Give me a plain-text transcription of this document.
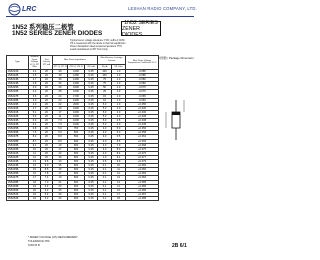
LRC	LESHAN RADIO COMPANY, LTD.
1N52 系列稳压二极管
1N52 SERIES ZENER DIODES
1N52 SERIES
ZENER DIODES
Typical zener voltage tolerance ± 5%; suffix A ±10%
VZ is measured with the diode in thermal equilibrium
Power dissipation rated at lead temperature 75°C
Leads maintained at 3/8" from body
外形图 / Package Dimension
Type	Nominal Zener Voltage VZ @ IZT Volts	Test Current IZT mA	Max Zener Impedance			Max Reverse Leakage Current		Max Zener Voltage Temperature Coefficient %/°C
			ZZT @ IZT Ω	ZZK @ IZK Ω	IZK mA	IR μA	VR Volts	
1N5221B	2.4	20	30	1200	0.25	100	1.0	-0.085
1N5222B	2.5	20	30	1250	0.25	100	1.0	-0.085
1N5223B	2.7	20	30	1300	0.25	75	1.0	-0.080
1N5224B	2.8	20	30	1400	0.25	75	1.0	-0.080
1N5225B	3.0	20	29	1600	0.25	50	1.0	-0.075
1N5226B	3.3	20	28	1600	0.25	25	1.0	-0.070
1N5227B	3.6	20	24	1700	0.25	15	1.0	-0.065
1N5228B	3.9	20	23	1900	0.25	10	1.0	-0.060
1N5229B	4.3	20	22	2000	0.25	5.0	1.0	+0.055
1N5230B	4.7	20	19	1900	0.25	5.0	2.0	+0.030
1N5231B	5.1	20	17	1600	0.25	5.0	2.0	+0.030
1N5232B	5.6	20	11	1600	0.25	5.0	3.0	+0.038
1N5233B	6.0	20	7.0	1600	0.25	5.0	3.5	+0.038
1N5234B	6.2	20	7.0	1000	0.25	5.0	4.0	+0.045
1N5235B	6.8	20	5.0	750	0.25	3.0	5.0	+0.050
1N5236B	7.5	20	6.0	500	0.25	3.0	6.0	+0.058
1N5237B	8.2	20	8.0	500	0.25	3.0	6.5	+0.062
1N5238B	8.7	20	8.0	600	0.25	3.0	6.5	+0.065
1N5239B	9.1	20	10	600	0.25	3.0	7.0	+0.068
1N5240B	10	20	17	600	0.25	3.0	8.0	+0.075
1N5241B	11	20	22	600	0.25	2.0	8.4	+0.076
1N5242B	12	20	30	600	0.25	1.0	9.1	+0.077
1N5243B	13	9.5	13	600	0.25	0.5	9.9	+0.079
1N5244B	14	9.0	15	600	0.25	0.1	10	+0.082
1N5245B	15	8.5	16	600	0.25	0.1	11	+0.082
1N5246B	16	7.8	17	600	0.25	0.1	12	+0.083
1N5247B	17	7.4	19	600	0.25	0.1	13	+0.084
1N5248B	18	7.0	21	600	0.25	0.1	14	+0.085
1N5249B	19	6.6	23	600	0.25	0.1	14	+0.086
1N5250B	20	6.2	25	600	0.25	0.1	15	+0.086
1N5251B	22	5.6	29	600	0.25	0.1	17	+0.087
1N5252B	24	5.2	33	600	0.25	0.1	18	+0.088
* ZENER VOLTAGE (VZ) MEASUREMENT
TOLERANCE ±5%
SUFFIX B	2B 6/1
